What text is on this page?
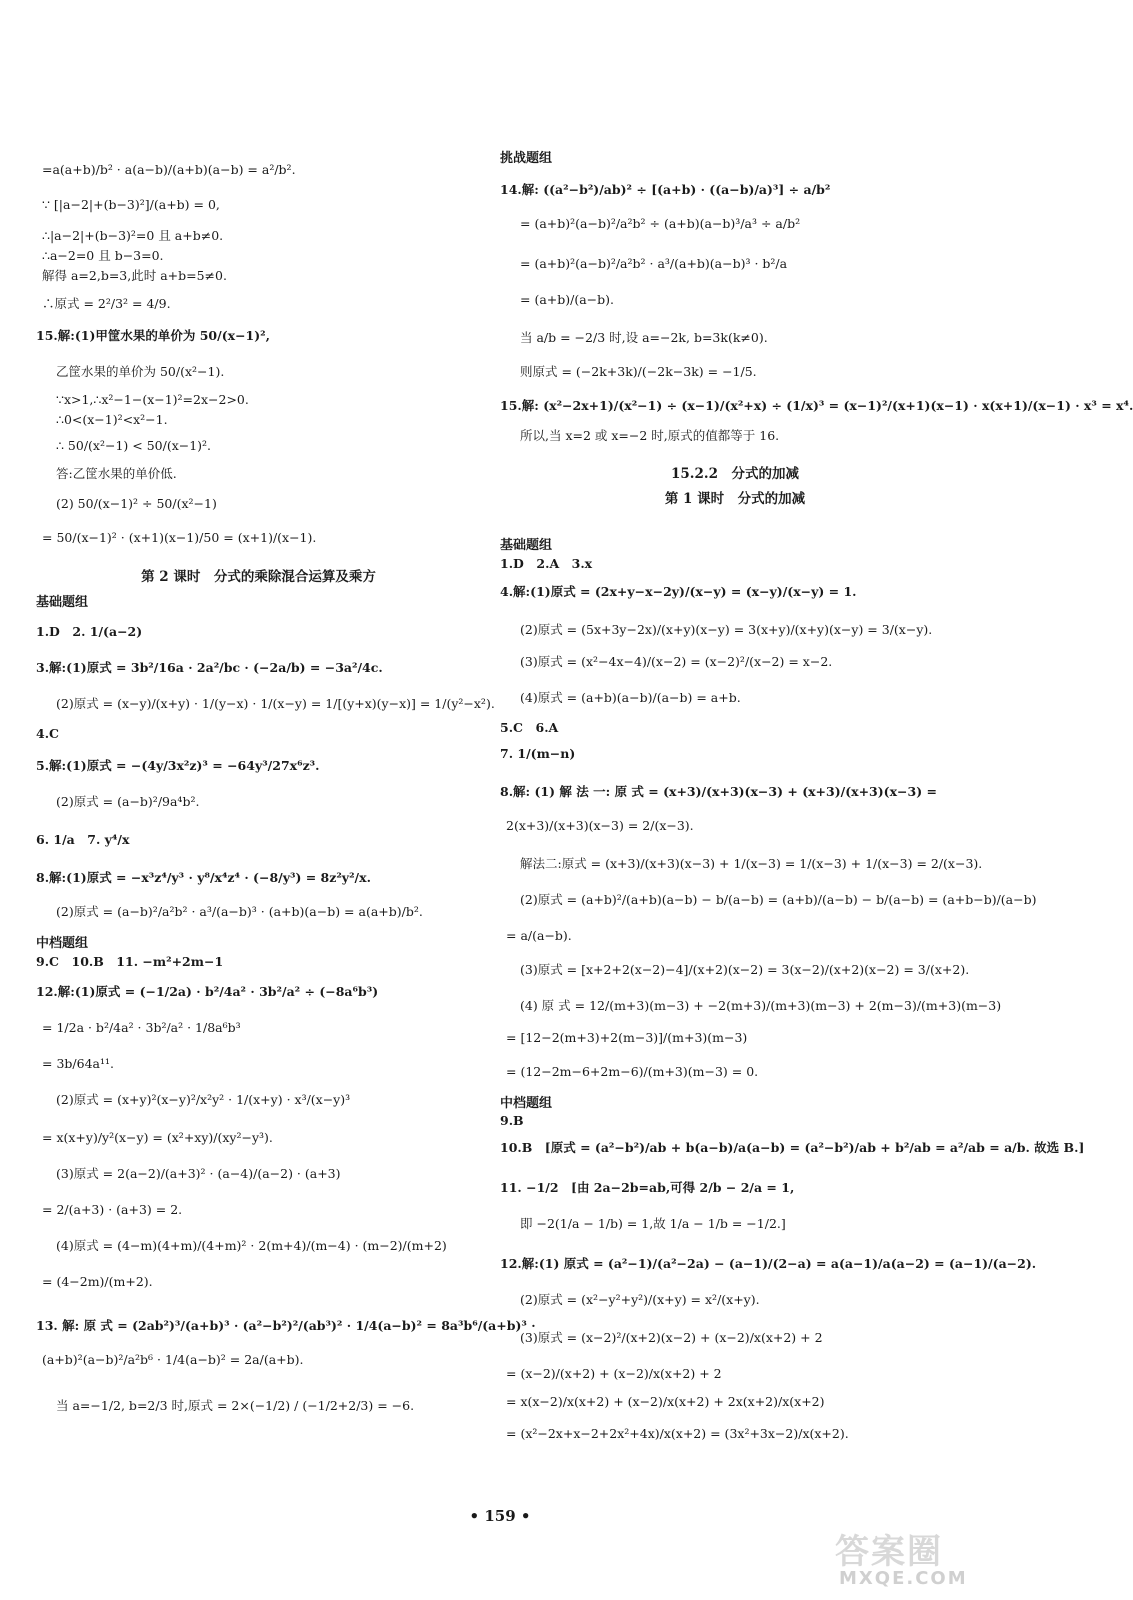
=a(a+b)/b² · a(a−b)/(a+b)(a−b) = a²/b².
∵ [|a−2|+(b−3)²]/(a+b) = 0,
∴|a−2|+(b−3)²=0 且 a+b≠0.
∴a−2=0 且 b−3=0.
解得 a=2,b=3,此时 a+b=5≠0.
∴原式 = 2²/3² = 4/9.
15.解:(1)甲筐水果的单价为 50/(x−1)²,
乙筐水果的单价为 50/(x²−1).
∵x>1,∴x²−1−(x−1)²=2x−2>0.
∴0<(x−1)²<x²−1.
∴ 50/(x²−1) < 50/(x−1)².
答:乙筐水果的单价低.
(2) 50/(x−1)² ÷ 50/(x²−1)
= 50/(x−1)² · (x+1)(x−1)/50 = (x+1)/(x−1).
第 2 课时　分式的乘除混合运算及乘方
基础题组
1.D　2. 1/(a−2)
3.解:(1)原式 = 3b²/16a · 2a²/bc · (−2a/b) = −3a²/4c.
(2)原式 = (x−y)/(x+y) · 1/(y−x) · 1/(x−y) = 1/[(y+x)(y−x)] = 1/(y²−x²).
4.C
5.解:(1)原式 = −(4y/3x²z)³ = −64y³/27x⁶z³.
(2)原式 = (a−b)²/9a⁴b².
6. 1/a　7. y⁴/x
8.解:(1)原式 = −x³z⁴/y³ · y⁸/x⁴z⁴ · (−8/y³) = 8z²y²/x.
(2)原式 = (a−b)²/a²b² · a³/(a−b)³ · (a+b)(a−b) = a(a+b)/b².
中档题组
9.C　10.B　11. −m²+2m−1
12.解:(1)原式 = (−1/2a) · b²/4a² · 3b²/a² ÷ (−8a⁶b³)
= 1/2a · b²/4a² · 3b²/a² · 1/8a⁶b³
= 3b/64a¹¹.
(2)原式 = (x+y)²(x−y)²/x²y² · 1/(x+y) · x³/(x−y)³
= x(x+y)/y²(x−y) = (x²+xy)/(xy²−y³).
(3)原式 = 2(a−2)/(a+3)² · (a−4)/(a−2) · (a+3)
= 2/(a+3) · (a+3) = 2.
(4)原式 = (4−m)(4+m)/(4+m)² · 2(m+4)/(m−4) · (m−2)/(m+2)
= (4−2m)/(m+2).
13. 解: 原 式 = (2ab²)³/(a+b)³ · (a²−b²)²/(ab³)² · 1/4(a−b)² = 8a³b⁶/(a+b)³ ·
(a+b)²(a−b)²/a²b⁶ · 1/4(a−b)² = 2a/(a+b).
当 a=−1/2, b=2/3 时,原式 = 2×(−1/2) / (−1/2+2/3) = −6.
挑战题组
14.解: ((a²−b²)/ab)² ÷ [(a+b) · ((a−b)/a)³] ÷ a/b²
= (a+b)²(a−b)²/a²b² ÷ (a+b)(a−b)³/a³ ÷ a/b²
= (a+b)²(a−b)²/a²b² · a³/(a+b)(a−b)³ · b²/a
= (a+b)/(a−b).
当 a/b = −2/3 时,设 a=−2k, b=3k(k≠0).
则原式 = (−2k+3k)/(−2k−3k) = −1/5.
15.解: (x²−2x+1)/(x²−1) ÷ (x−1)/(x²+x) ÷ (1/x)³ = (x−1)²/(x+1)(x−1) · x(x+1)/(x−1) · x³ = x⁴.
所以,当 x=2 或 x=−2 时,原式的值都等于 16.
15.2.2　分式的加减
第 1 课时　分式的加减
基础题组
1.D　2.A　3.x
4.解:(1)原式 = (2x+y−x−2y)/(x−y) = (x−y)/(x−y) = 1.
(2)原式 = (5x+3y−2x)/(x+y)(x−y) = 3(x+y)/(x+y)(x−y) = 3/(x−y).
(3)原式 = (x²−4x−4)/(x−2) = (x−2)²/(x−2) = x−2.
(4)原式 = (a+b)(a−b)/(a−b) = a+b.
5.C　6.A
7. 1/(m−n)
8.解: (1) 解 法 一: 原 式 = (x+3)/(x+3)(x−3) + (x+3)/(x+3)(x−3) =
2(x+3)/(x+3)(x−3) = 2/(x−3).
解法二:原式 = (x+3)/(x+3)(x−3) + 1/(x−3) = 1/(x−3) + 1/(x−3) = 2/(x−3).
(2)原式 = (a+b)²/(a+b)(a−b) − b/(a−b) = (a+b)/(a−b) − b/(a−b) = (a+b−b)/(a−b)
= a/(a−b).
(3)原式 = [x+2+2(x−2)−4]/(x+2)(x−2) = 3(x−2)/(x+2)(x−2) = 3/(x+2).
(4) 原 式 = 12/(m+3)(m−3) + −2(m+3)/(m+3)(m−3) + 2(m−3)/(m+3)(m−3)
= [12−2(m+3)+2(m−3)]/(m+3)(m−3)
= (12−2m−6+2m−6)/(m+3)(m−3) = 0.
中档题组
9.B
10.B　[原式 = (a²−b²)/ab + b(a−b)/a(a−b) = (a²−b²)/ab + b²/ab = a²/ab = a/b. 故选 B.]
11. −1/2　[由 2a−2b=ab,可得 2/b − 2/a = 1,
即 −2(1/a − 1/b) = 1,故 1/a − 1/b = −1/2.]
12.解:(1) 原式 = (a²−1)/(a²−2a) − (a−1)/(2−a) = a(a−1)/a(a−2) = (a−1)/(a−2).
(2)原式 = (x²−y²+y²)/(x+y) = x²/(x+y).
(3)原式 = (x−2)²/(x+2)(x−2) + (x−2)/x(x+2) + 2
= (x−2)/(x+2) + (x−2)/x(x+2) + 2
= x(x−2)/x(x+2) + (x−2)/x(x+2) + 2x(x+2)/x(x+2)
= (x²−2x+x−2+2x²+4x)/x(x+2) = (3x²+3x−2)/x(x+2).
• 159 •
答案圈
MXQE.COM
